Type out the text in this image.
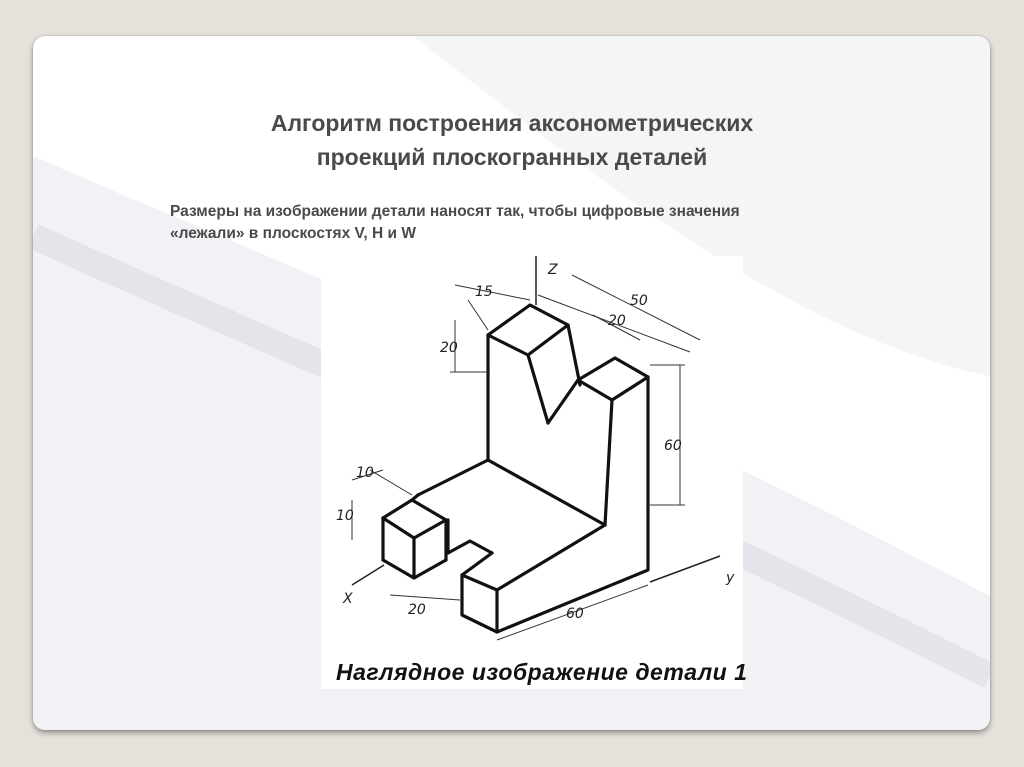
Алгоритм построения аксонометрических
проекций плоскогранных деталей
Размеры на изображении детали наносят так, чтобы цифровые значения
«лежали» в плоскостях V, H и W
Z
X
y
15
50
20
20
60
10
10
20	60
Наглядное изображение детали 1
